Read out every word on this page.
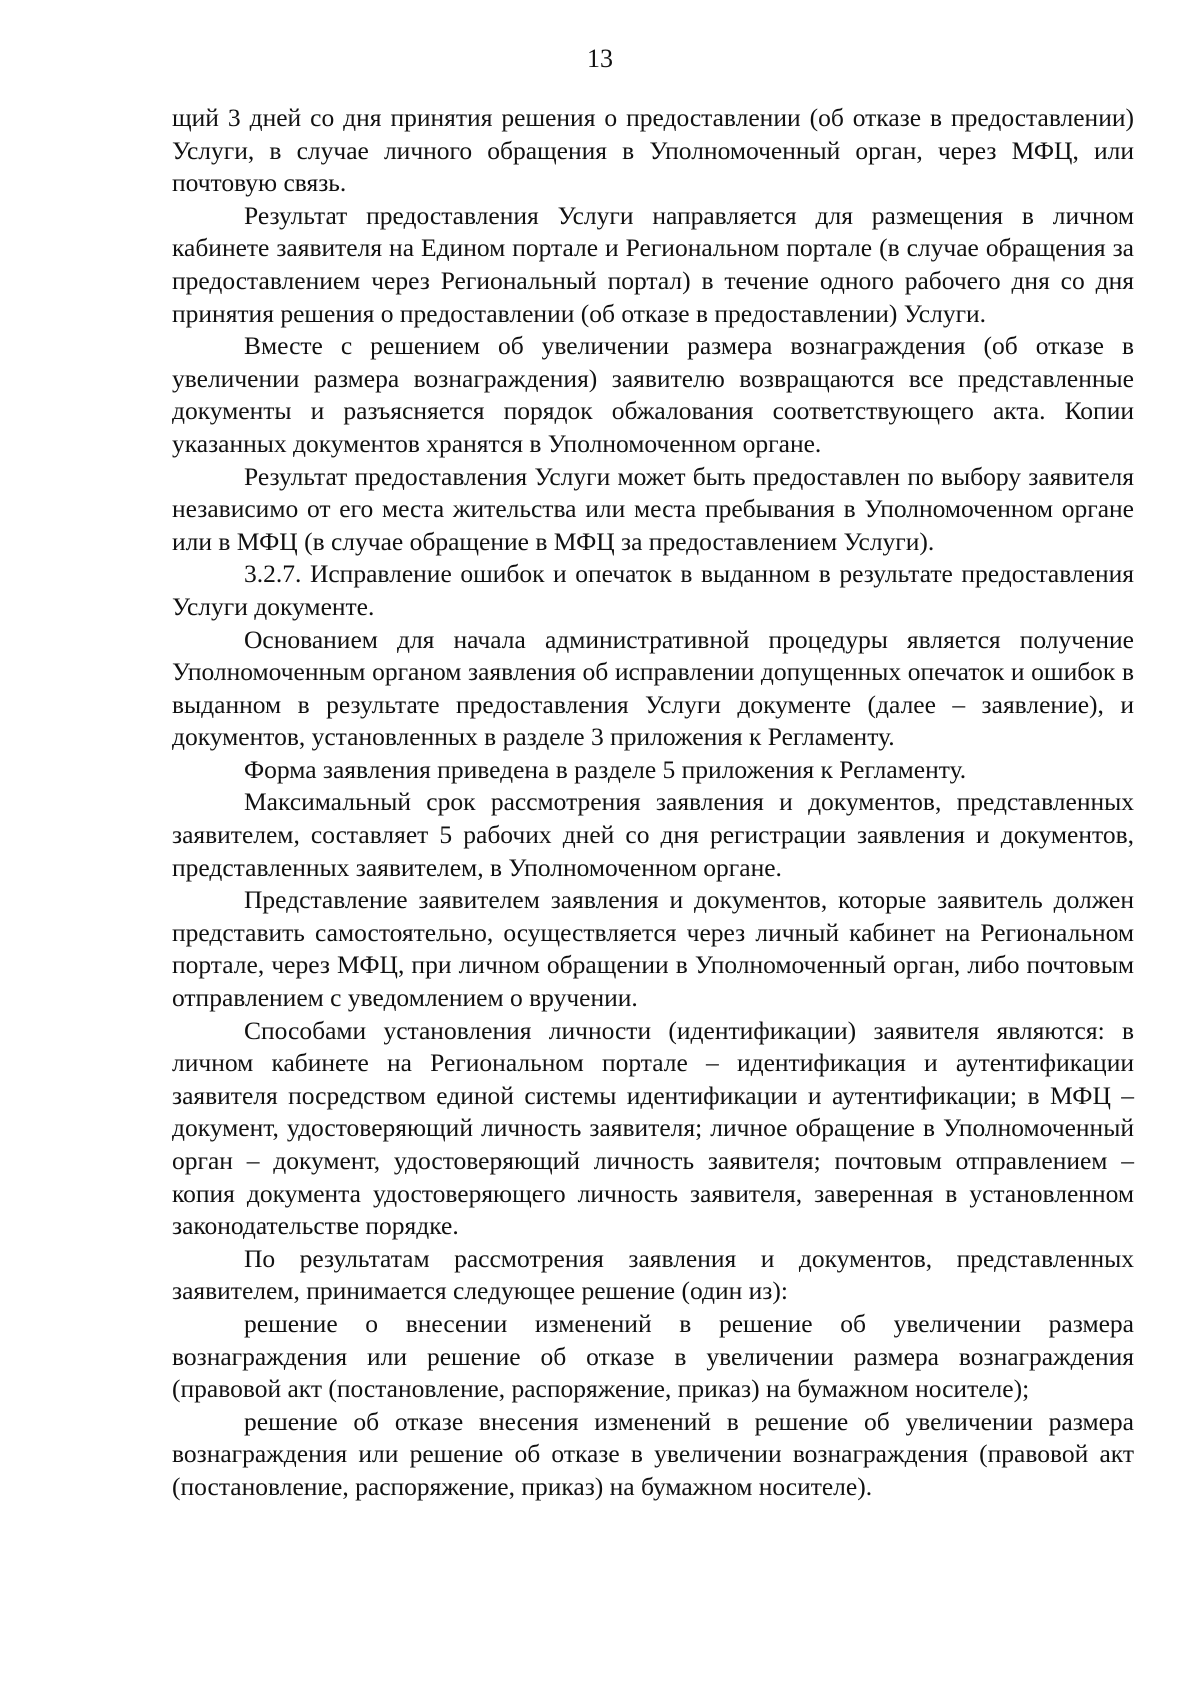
13

щий 3 дней со дня принятия решения о предоставлении (об отказе в предоставлении) Услуги, в случае личного обращения в Уполномоченный орган, через МФЦ, или почтовую связь.

Результат предоставления Услуги направляется для размещения в личном кабинете заявителя на Едином портале и Региональном портале (в случае обращения за предоставлением через Региональный портал) в течение одного рабочего дня со дня принятия решения о предоставлении (об отказе в предоставлении) Услуги.

Вместе с решением об увеличении размера вознаграждения (об отказе в увеличении размера вознаграждения) заявителю возвращаются все представленные документы и разъясняется порядок обжалования соответствующего акта. Копии указанных документов хранятся в Уполномоченном органе.

Результат предоставления Услуги может быть предоставлен по выбору заявителя независимо от его места жительства или места пребывания в Уполномоченном органе или в МФЦ (в случае обращение в МФЦ за предоставлением Услуги).

3.2.7. Исправление ошибок и опечаток в выданном в результате предоставления Услуги документе.

Основанием для начала административной процедуры является получение Уполномоченным органом заявления об исправлении допущенных опечаток и ошибок в выданном в результате предоставления Услуги документе (далее – заявление), и документов, установленных в разделе 3 приложения к Регламенту.

Форма заявления приведена в разделе 5 приложения к Регламенту.

Максимальный срок рассмотрения заявления и документов, представленных заявителем, составляет 5 рабочих дней со дня регистрации заявления и документов, представленных заявителем, в Уполномоченном органе.

Представление заявителем заявления и документов, которые заявитель должен представить самостоятельно, осуществляется через личный кабинет на Региональном портале, через МФЦ, при личном обращении в Уполномоченный орган, либо почтовым отправлением с уведомлением о вручении.

Способами установления личности (идентификации) заявителя являются: в личном кабинете на Региональном портале – идентификация и аутентификации заявителя посредством единой системы идентификации и аутентификации; в МФЦ – документ, удостоверяющий личность заявителя; личное обращение в Уполномоченный орган – документ, удостоверяющий личность заявителя; почтовым отправлением – копия документа удостоверяющего личность заявителя, заверенная в установленном законодательстве порядке.

По результатам рассмотрения заявления и документов, представленных заявителем, принимается следующее решение (один из):

решение о внесении изменений в решение об увеличении размера вознаграждения или решение об отказе в увеличении размера вознаграждения (правовой акт (постановление, распоряжение, приказ) на бумажном носителе);

решение об отказе внесения изменений в решение об увеличении размера вознаграждения или решение об отказе в увеличении вознаграждения (правовой акт (постановление, распоряжение, приказ) на бумажном носителе).
